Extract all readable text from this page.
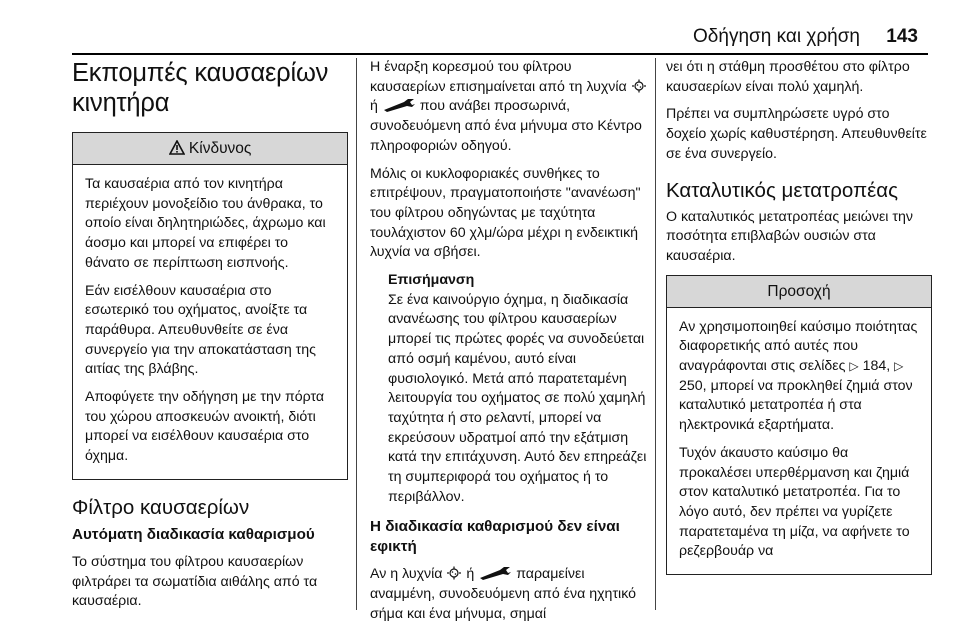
Οδήγηση και χρήση 143
Εκπομπές καυσαερίων κινητήρα
Κίνδυνος

Τα καυσαέρια από τον κινητήρα περιέχουν μονοξείδιο του άνθρακα, το οποίο είναι δηλητηριώδες, άχρωμο και άοσμο και μπορεί να επιφέρει το θάνατο σε περίπτωση εισπνοής.

Εάν εισέλθουν καυσαέρια στο εσωτερικό του οχήματος, ανοίξτε τα παράθυρα. Απευθυνθείτε σε ένα συνεργείο για την αποκατάσταση της αιτίας της βλάβης.

Αποφύγετε την οδήγηση με την πόρτα του χώρου αποσκευών ανοικτή, διότι μπορεί να εισέλθουν καυσαέρια στο όχημα.

Φίλτρο καυσαερίων
Αυτόματη διαδικασία καθαρισμού

Το σύστημα του φίλτρου καυσαερίων φιλτράρει τα σωματίδια αιθάλης από τα καυσαέρια.

Η έναρξη κορεσμού του φίλτρου καυσαερίων επισημαίνεται από τη λυχνία  ή	που ανάβει προσωρινά, συνοδευόμενη από ένα μήνυμα στο Κέντρο πληροφοριών οδηγού.

Μόλις οι κυκλοφοριακές συνθήκες το επιτρέψουν, πραγματοποιήστε "ανανέωση" του φίλτρου οδηγώντας με ταχύτητα τουλάχιστον 60 χλμ/ώρα μέχρι η ενδεικτική λυχνία να σβήσει.

Επισήμανση
Σε ένα καινούργιο όχημα, η διαδικασία ανανέωσης του φίλτρου καυσαερίων μπορεί τις πρώτες φορές να συνοδεύεται από οσμή καμένου, αυτό είναι φυσιολογικό. Μετά από παρατεταμένη λειτουργία του οχήματος σε πολύ χαμηλή ταχύτητα ή στο ρελαντί, μπορεί να εκρεύσουν υδρατμοί από την εξάτμιση κατά την επιτάχυνση. Αυτό δεν επηρεάζει τη συμπεριφορά του οχήματος ή το περιβάλλον.
Η διαδικασία καθαρισμού δεν είναι εφικτή

Αν η λυχνία ή	παραμείνει αναμμένη, συνοδευόμενη από ένα ηχητικό σήμα και ένα μήνυμα, σημαί

νει ότι η στάθμη προσθέτου στο φίλτρο καυσαερίων είναι πολύ χαμηλή.

Πρέπει να συμπληρώσετε υγρό στο δοχείο χωρίς καθυστέρηση. Απευθυνθείτε σε ένα συνεργείο.

Καταλυτικός μετατροπέας

Ο καταλυτικός μετατροπέας μειώνει την ποσότητα επιβλαβών ουσιών στα καυσαέρια.

Προσοχή

Αν χρησιμοποιηθεί καύσιμο ποιότητας διαφορετικής από αυτές που αναγράφονται στις σελίδες ▷ 184, ▷ 250, μπορεί να προκληθεί ζημιά στον καταλυτικό μετατροπέα ή στα ηλεκτρονικά εξαρτήματα.

Τυχόν άκαυστο καύσιμο θα προκαλέσει υπερθέρμανση και ζημιά στον καταλυτικό μετατροπέα. Για το λόγο αυτό, δεν πρέπει να γυρίζετε παρατεταμένα τη μίζα, να αφήνετε το ρεζερβουάρ να
